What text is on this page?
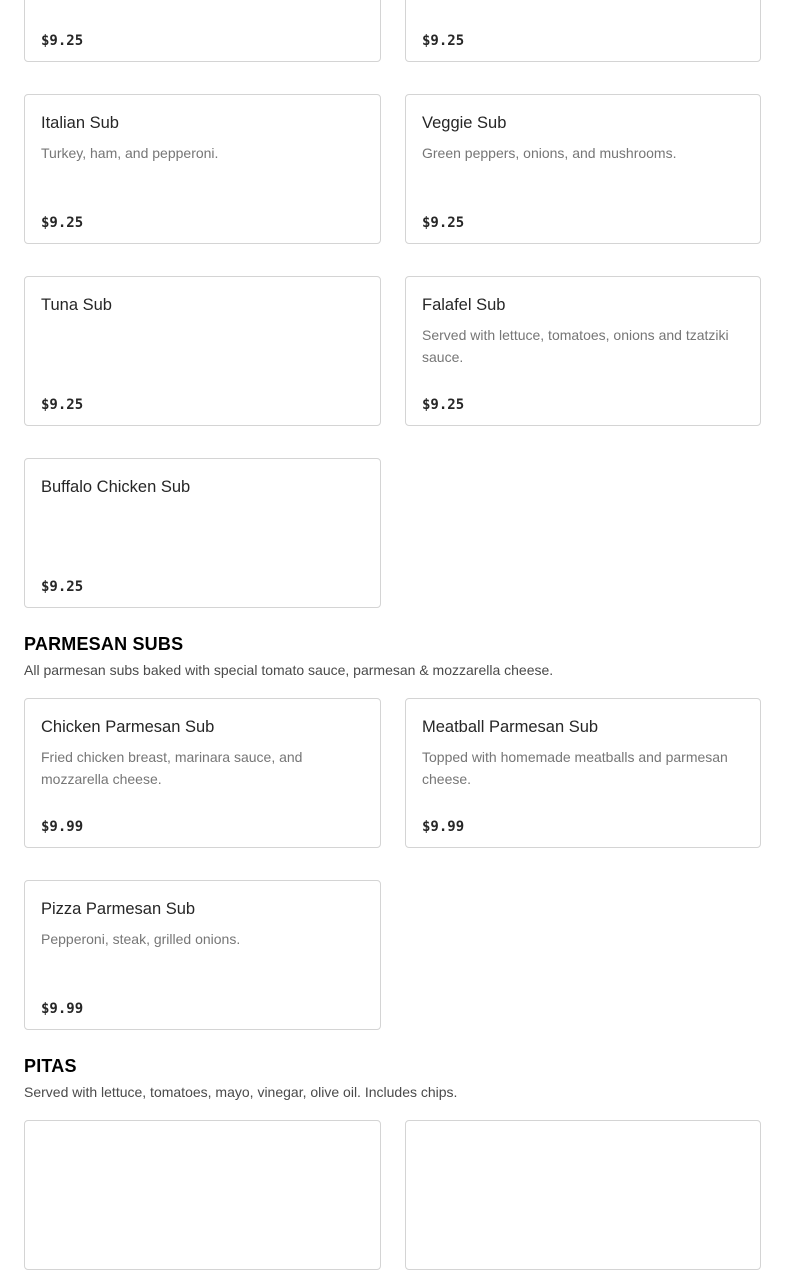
$9.25	$9.25
Italian Sub
Turkey, ham, and pepperoni.
$9.25
Veggie Sub
Green peppers, onions, and mushrooms.
$9.25
Tuna Sub
$9.25
Falafel Sub
Served with lettuce, tomatoes, onions and tzatziki sauce.
$9.25
Buffalo Chicken Sub
$9.25
PARMESAN SUBS
All parmesan subs baked with special tomato sauce, parmesan & mozzarella cheese.
Chicken Parmesan Sub
Fried chicken breast, marinara sauce, and mozzarella cheese.
$9.99
Meatball Parmesan Sub
Topped with homemade meatballs and parmesan cheese.
$9.99
Pizza Parmesan Sub
Pepperoni, steak, grilled onions.
$9.99
PITAS
Served with lettuce, tomatoes, mayo, vinegar, olive oil. Includes chips.
